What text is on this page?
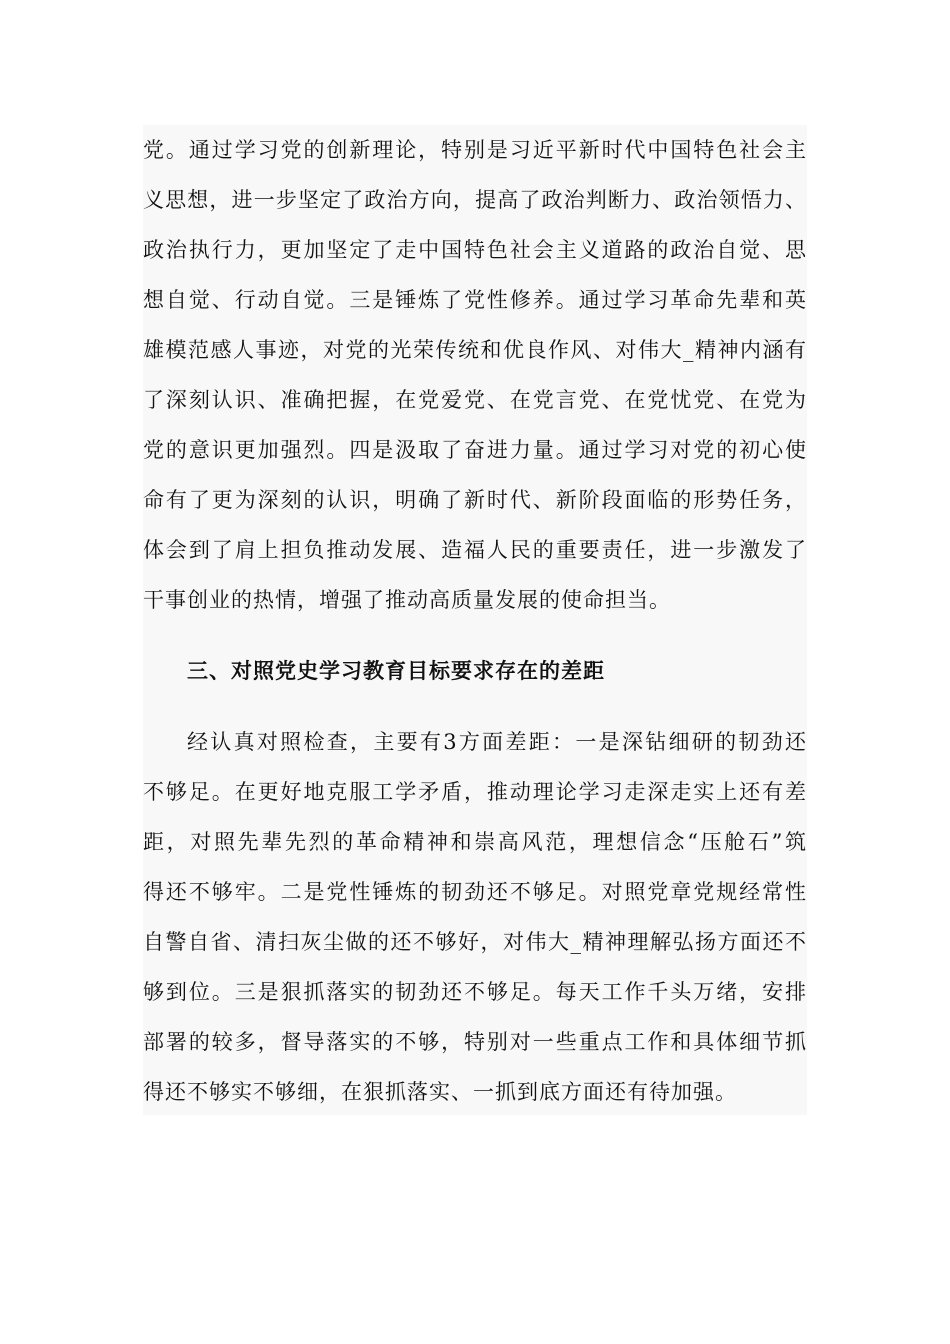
党。通过学习党的创新理论，特别是习近平新时代中国特色社会主
义思想，进一步坚定了政治方向，提高了政治判断力、政治领悟力、
政治执行力，更加坚定了走中国特色社会主义道路的政治自觉、思
想自觉、行动自觉。三是锤炼了党性修养。通过学习革命先辈和英
雄模范感人事迹，对党的光荣传统和优良作风、对伟大_精神内涵有
了深刻认识、准确把握，在党爱党、在党言党、在党忧党、在党为
党的意识更加强烈。四是汲取了奋进力量。通过学习对党的初心使
命有了更为深刻的认识，明确了新时代、新阶段面临的形势任务，
体会到了肩上担负推动发展、造福人民的重要责任，进一步激发了
干事创业的热情，增强了推动高质量发展的使命担当。
三、对照党史学习教育目标要求存在的差距
经认真对照检查，主要有3方面差距：一是深钻细研的韧劲还
不够足。在更好地克服工学矛盾，推动理论学习走深走实上还有差
距，对照先辈先烈的革命精神和崇高风范，理想信念“压舱石”筑
得还不够牢。二是党性锤炼的韧劲还不够足。对照党章党规经常性
自警自省、清扫灰尘做的还不够好，对伟大_精神理解弘扬方面还不
够到位。三是狠抓落实的韧劲还不够足。每天工作千头万绪，安排
部署的较多，督导落实的不够，特别对一些重点工作和具体细节抓
得还不够实不够细，在狠抓落实、一抓到底方面还有待加强。
